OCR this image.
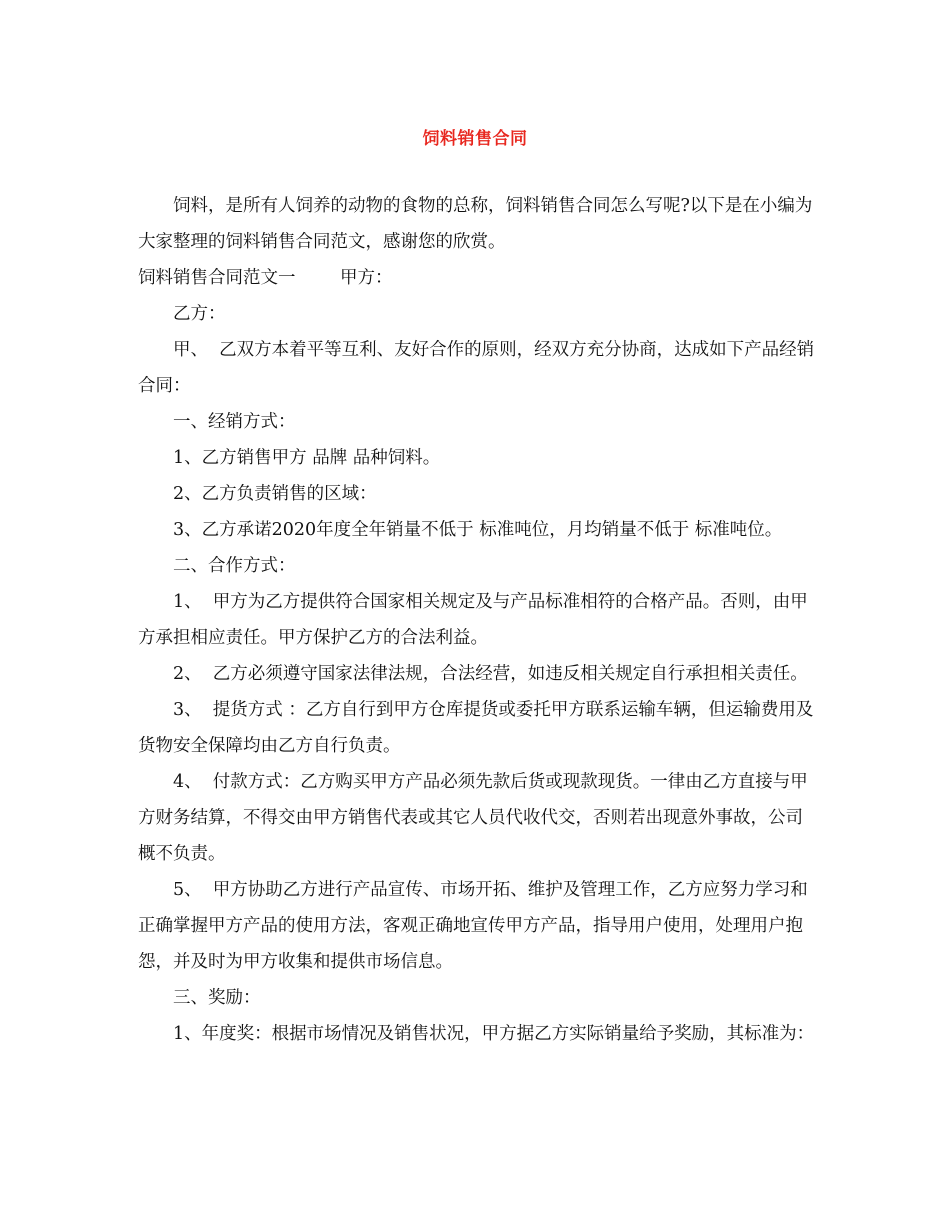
饲料销售合同

饲料，是所有人饲养的动物的食物的总称，饲料销售合同怎么写呢?以下是在小编为大家整理的饲料销售合同范文，感谢您的欣赏。

饲料销售合同范文一        甲方：

乙方：

甲、  乙双方本着平等互利、友好合作的原则，经双方充分协商，达成如下产品经销合同：

一、经销方式：

1、乙方销售甲方 品牌 品种饲料。

2、乙方负责销售的区域：

3、乙方承诺2020年度全年销量不低于 标准吨位，月均销量不低于 标准吨位。

二、合作方式：

1、  甲方为乙方提供符合国家相关规定及与产品标准相符的合格产品。否则，由甲方承担相应责任。甲方保护乙方的合法利益。

2、  乙方必须遵守国家法律法规，合法经营，如违反相关规定自行承担相关责任。

3、  提货方式 ：乙方自行到甲方仓库提货或委托甲方联系运输车辆，但运输费用及货物安全保障均由乙方自行负责。

4、  付款方式：乙方购买甲方产品必须先款后货或现款现货。一律由乙方直接与甲方财务结算，不得交由甲方销售代表或其它人员代收代交，否则若出现意外事故，公司概不负责。

5、  甲方协助乙方进行产品宣传、市场开拓、维护及管理工作，乙方应努力学习和正确掌握甲方产品的使用方法，客观正确地宣传甲方产品，指导用户使用，处理用户抱怨，并及时为甲方收集和提供市场信息。

三、奖励：

1、年度奖：根据市场情况及销售状况，甲方据乙方实际销量给予奖励，其标准为：
